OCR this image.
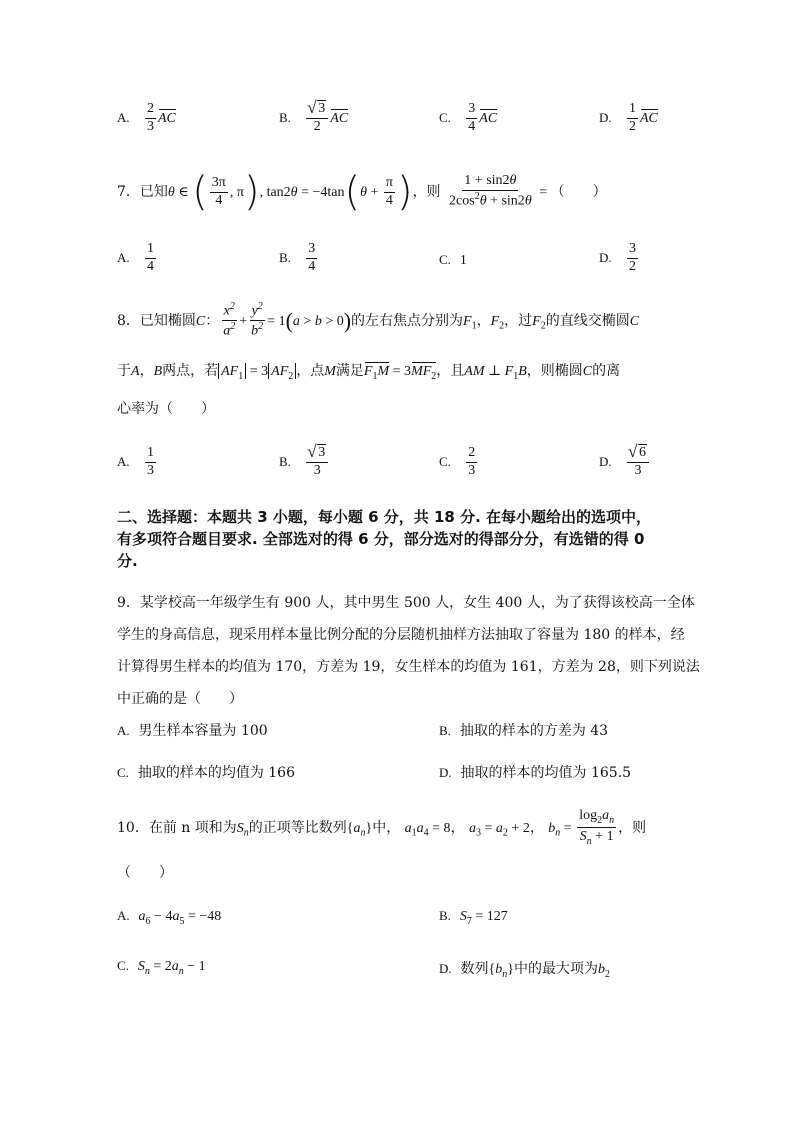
A. $\frac{2}{3}$ AC	B. √ $\frac{3}{2}$ AC	C. $\frac{3}{4}$ AC	D. $\frac{1}{2}$ AC
7．已知θ ∈ ( $\frac{3\pi}{4}$ , π), $\tan 2\theta = -4\tan(\theta + \frac{\pi}{4}$ )，则 $\frac{1 + \sin 2\theta}{2\cos^2\theta + \sin 2\theta}$ = （　　）
A. $\frac{1}{4}$	B. $\frac{3}{4}$	C. 1	D. $\frac{3}{2}$
8．已知椭圆C： $\frac{x^2}{a^2} + \frac{y^2}{b^2} = 1(a > b > 0)$的左右焦点分别为$F_1$，$F_2$，过$F_2$的直线交椭圆C
于A，B两点，若 $AF_1 = 3$ $AF_2$ ，点M满足$F_1M = 3MF_2$，且AM ⊥ $F_1B$，则椭圆C的离
心率为（　　）
A. $\frac{1}{3}$	B. √ $\frac{3}{3}$	C. $\frac{2}{3}$	D. √ $\frac{6}{3}$
二、选择题：本题共 3 小题，每小题 6 分，共 18 分. 在每小题给出的选项中，
有多项符合题目要求. 全部选对的得 6 分，部分选对的得部分分，有选错的得 0
分.
9．某学校高一年级学生有 900 人，其中男生 500 人，女生 400 人，为了获得该校高一全体
学生的身高信息，现采用样本量比例分配的分层随机抽样方法抽取了容量为 180 的样本，经
计算得男生样本的均值为 170，方差为 19，女生样本的均值为 161，方差为 28，则下列说法
中正确的是（　　）
A. 男生样本容量为 100	B. 抽取的样本的方差为 43
C. 抽取的样本的均值为 166	D. 抽取的样本的均值为 165.5
10．在前 n 项和为$S_n$的正项等比数列$\{a_n\}$中， $a_1a_4 = 8$， $a_3 = a_2 + 2$， $b_n = \frac{\log_2a_n}{S_n + 1}$ ，则
（　　）
A. $a_6 - 4a_5 = -48$	B. $S_7 = 127$
C. $S_n = 2a_n - 1$	D. 数列$\{b_n\}$中的最大项为$b_2$
